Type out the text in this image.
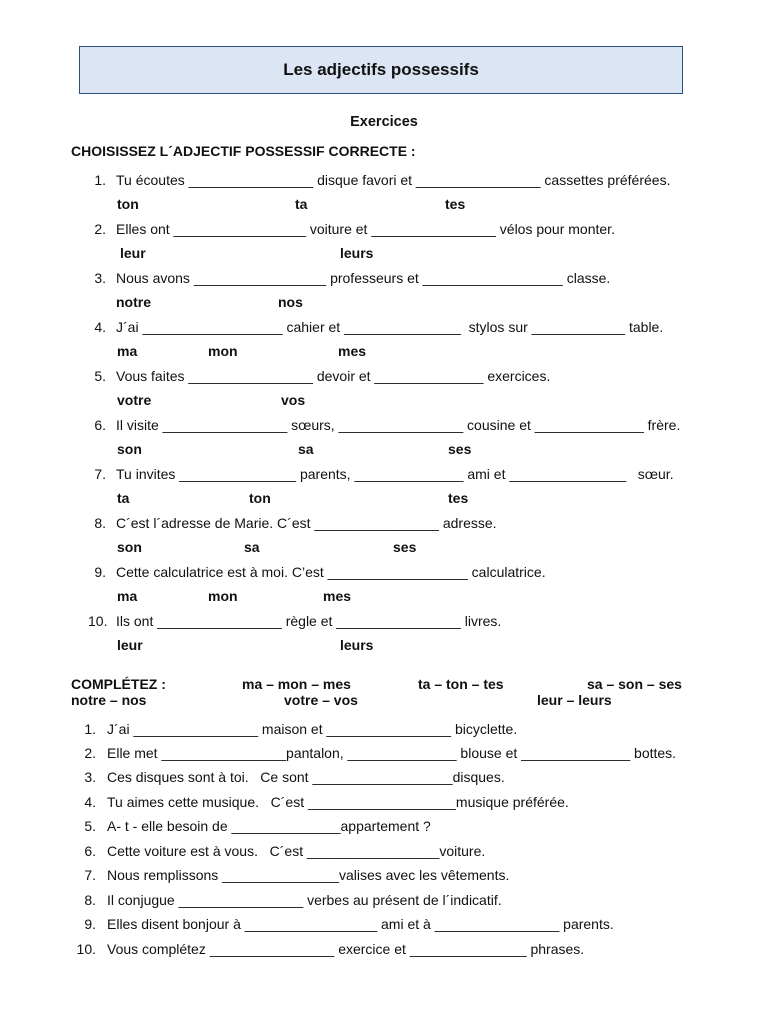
Les adjectifs possessifs
Exercices
CHOISISSEZ L´ADJECTIF POSSESSIF CORRECTE :
1. Tu écoutes ________________ disque favori et ________________ cassettes préférées.
ton	ta	tes
2. Elles ont _________________ voiture et ________________ vélos pour monter.
leur	leurs
3. Nous avons _________________ professeurs et __________________ classe.
notre	nos
4. J´ai __________________ cahier et _______________  stylos sur ____________ table.
ma	mon	mes
5. Vous faites ________________ devoir et ______________ exercices.
votre	vos
6. Il visite ________________ sœurs, ________________ cousine et ______________ frère.
son	sa	ses
7. Tu invites _______________ parents, ______________ ami et _______________   sœur.
ta	ton	tes
8. C´est l´adresse de Marie. C´est ________________ adresse.
son	sa	ses
9. Cette calculatrice est à moi. C’est __________________ calculatrice.
ma	mon	mes
10. Ils ont ________________ règle et ________________ livres.
leur	leurs
COMPLÉTEZ :	ma – mon – mes	ta – ton – tes	sa – son – ses
notre – nos	votre – vos	leur – leurs
1. J´ai ________________ maison et ________________ bicyclette.
2. Elle met ________________pantalon, ______________ blouse et ______________ bottes.
3. Ces disques sont à toi.   Ce sont __________________disques.
4. Tu aimes cette musique.   C´est ___________________musique préférée.
5. A- t - elle besoin de ______________appartement ?
6. Cette voiture est à vous.   C´est _________________voiture.
7. Nous remplissons _______________valises avec les vêtements.
8. Il conjugue ________________ verbes au présent de l´indicatif.
9. Elles disent bonjour à _________________ ami et à ________________ parents.
10. Vous complétez ________________ exercice et _______________ phrases.
